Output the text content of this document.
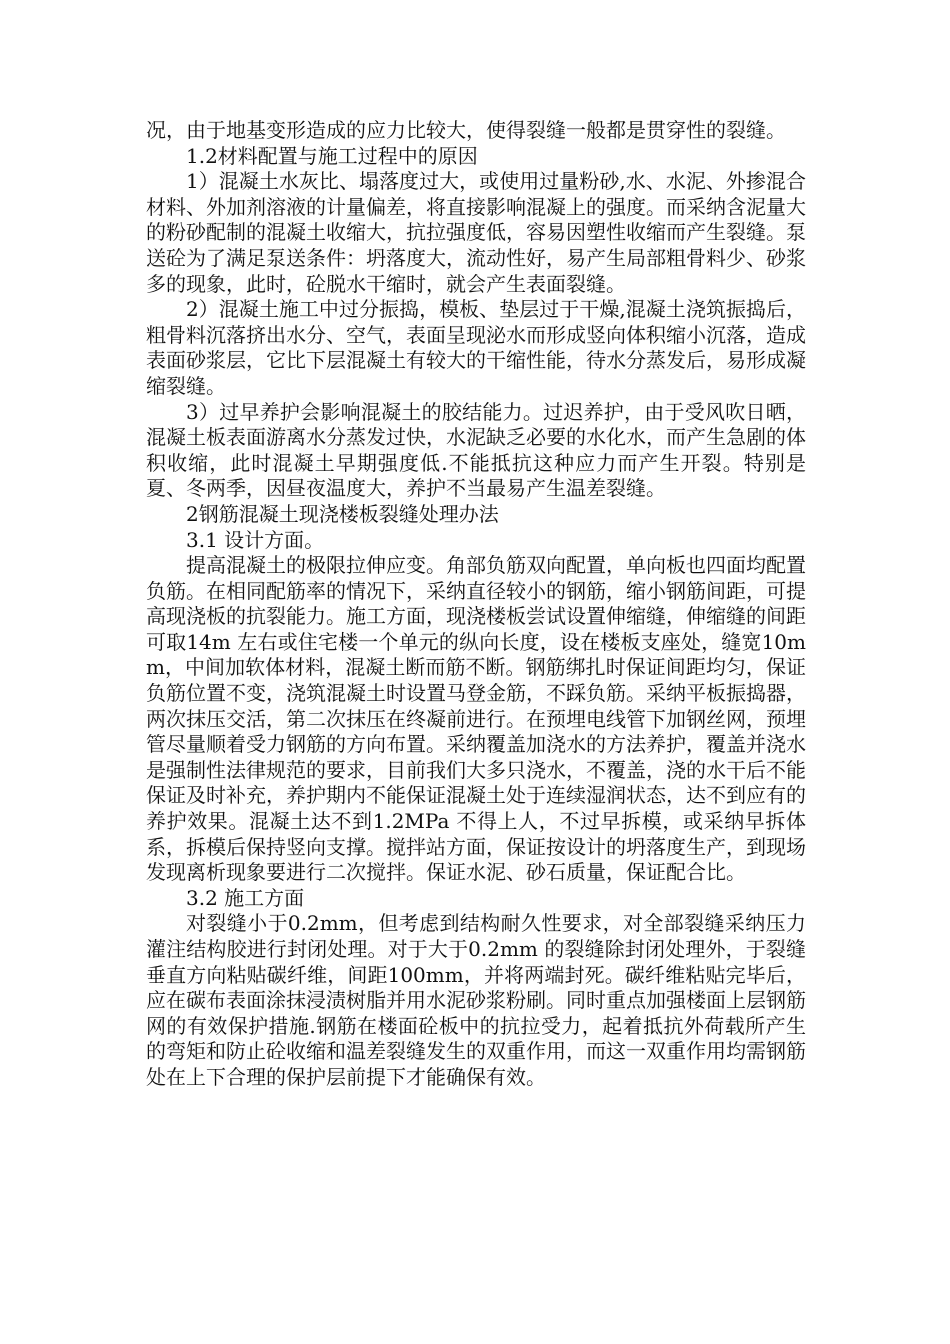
况，由于地基变形造成的应力比较大，使得裂缝一般都是贯穿性的裂缝。

1.2材料配置与施工过程中的原因

1）混凝土水灰比、塌落度过大，或使用过量粉砂,水、水泥、外掺混合材料、外加剂溶液的计量偏差，将直接影响混凝上的强度。而采纳含泥量大的粉砂配制的混凝土收缩大，抗拉强度低，容易因塑性收缩而产生裂缝。泵送砼为了满足泵送条件：坍落度大，流动性好，易产生局部粗骨料少、砂浆多的现象，此时，砼脱水干缩时，就会产生表面裂缝。

2）混凝土施工中过分振捣，模板、垫层过于干燥,混凝土浇筑振捣后，粗骨料沉落挤出水分、空气，表面呈现泌水而形成竖向体积缩小沉落，造成表面砂浆层，它比下层混凝土有较大的干缩性能，待水分蒸发后，易形成凝缩裂缝。

3）过早养护会影响混凝土的胶结能力。过迟养护，由于受风吹日晒，混凝土板表面游离水分蒸发过快，水泥缺乏必要的水化水，而产生急剧的体积收缩，此时混凝土早期强度低.不能抵抗这种应力而产生开裂。特别是夏、冬两季，因昼夜温度大，养护不当最易产生温差裂缝。

2钢筋混凝土现浇楼板裂缝处理办法

3.1 设计方面。

提高混凝土的极限拉伸应变。角部负筋双向配置，单向板也四面均配置负筋。在相同配筋率的情况下，采纳直径较小的钢筋，缩小钢筋间距，可提高现浇板的抗裂能力。施工方面，现浇楼板尝试设置伸缩缝，伸缩缝的间距可取14m 左右或住宅楼一个单元的纵向长度，设在楼板支座处，缝宽10mm，中间加软体材料，混凝土断而筋不断。钢筋绑扎时保证间距均匀，保证负筋位置不变，浇筑混凝土时设置马登金筋，不踩负筋。采纳平板振捣器，两次抹压交活，第二次抹压在终凝前进行。在预埋电线管下加钢丝网，预埋管尽量顺着受力钢筋的方向布置。采纳覆盖加浇水的方法养护，覆盖并浇水是强制性法律规范的要求，目前我们大多只浇水，不覆盖，浇的水干后不能保证及时补充，养护期内不能保证混凝土处于连续湿润状态，达不到应有的养护效果。混凝土达不到1.2MPa 不得上人，不过早拆模，或采纳早拆体系，拆模后保持竖向支撑。搅拌站方面，保证按设计的坍落度生产，到现场发现离析现象要进行二次搅拌。保证水泥、砂石质量，保证配合比。

3.2 施工方面

对裂缝小于0.2mm，但考虑到结构耐久性要求，对全部裂缝采纳压力灌注结构胶进行封闭处理。对于大于0.2mm 的裂缝除封闭处理外，于裂缝垂直方向粘贴碳纤维，间距100mm，并将两端封死。碳纤维粘贴完毕后，应在碳布表面涂抹浸渍树脂并用水泥砂浆粉刷。同时重点加强楼面上层钢筋网的有效保护措施.钢筋在楼面砼板中的抗拉受力，起着抵抗外荷载所产生的弯矩和防止砼收缩和温差裂缝发生的双重作用，而这一双重作用均需钢筋处在上下合理的保护层前提下才能确保有效。
